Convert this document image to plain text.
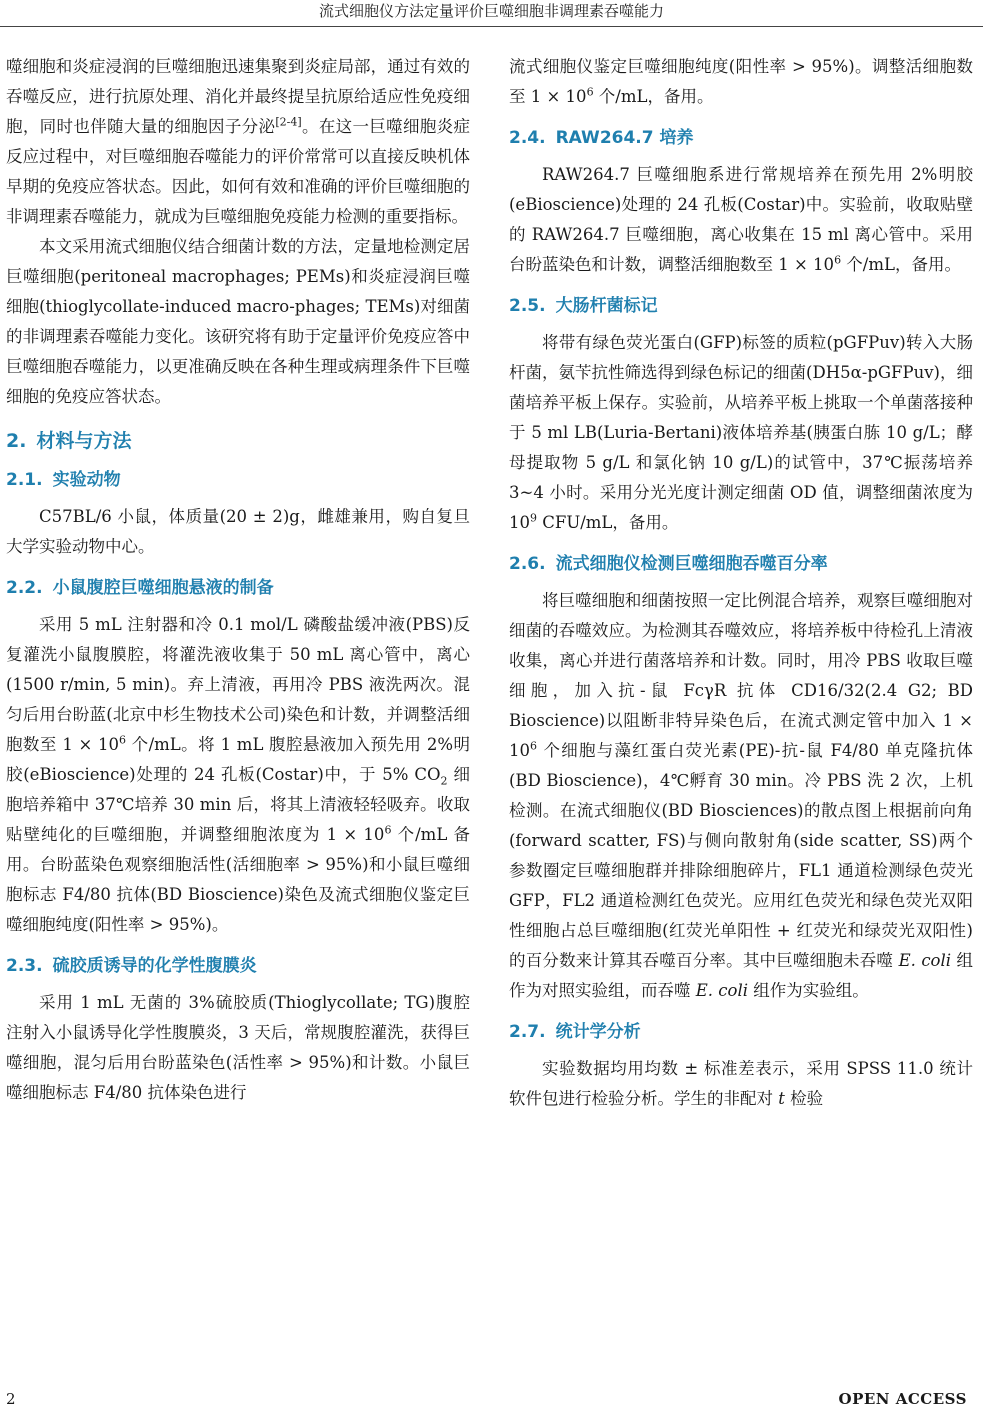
流式细胞仪方法定量评价巨噬细胞非调理素吞噬能力

噬细胞和炎症浸润的巨噬细胞迅速集聚到炎症局部，通过有效的吞噬反应，进行抗原处理、消化并最终提呈抗原给适应性免疫细胞，同时也伴随大量的细胞因子分泌[2-4]。在这一巨噬细胞炎症反应过程中，对巨噬细胞吞噬能力的评价常常可以直接反映机体早期的免疫应答状态。因此，如何有效和准确的评价巨噬细胞的非调理素吞噬能力，就成为巨噬细胞免疫能力检测的重要指标。

本文采用流式细胞仪结合细菌计数的方法，定量地检测定居巨噬细胞(peritoneal macrophages; PEMs)和炎症浸润巨噬细胞(thioglycollate-induced macro-phages; TEMs)对细菌的非调理素吞噬能力变化。该研究将有助于定量评价免疫应答中巨噬细胞吞噬能力，以更准确反映在各种生理或病理条件下巨噬细胞的免疫应答状态。

2. 材料与方法
2.1. 实验动物

C57BL/6 小鼠，体质量(20 ± 2)g，雌雄兼用，购自复旦大学实验动物中心。

2.2. 小鼠腹腔巨噬细胞悬液的制备

采用 5 mL 注射器和冷 0.1 mol/L 磷酸盐缓冲液(PBS)反复灌洗小鼠腹膜腔，将灌洗液收集于 50 mL 离心管中，离心(1500 r/min, 5 min)。弃上清液，再用冷 PBS 液洗两次。混匀后用台盼蓝(北京中杉生物技术公司)染色和计数，并调整活细胞数至 $1 \times 10^6$ 个/mL。将 1 mL 腹腔悬液加入预先用 2%明胶(eBioscience)处理的 24 孔板(Costar)中，于 5% $CO_2$ 细胞培养箱中 37℃培养 30 min 后，将其上清液轻轻吸弃。收取贴壁纯化的巨噬细胞，并调整细胞浓度为 $1 \times 10^6$ 个/mL 备用。台盼蓝染色观察细胞活性(活细胞率 > 95%)和小鼠巨噬细胞标志 F4/80 抗体(BD Bioscience)染色及流式细胞仪鉴定巨噬细胞纯度(阳性率 > 95%)。

2.3. 硫胶质诱导的化学性腹膜炎

采用 1 mL 无菌的 3%硫胶质(Thioglycollate; TG)腹腔注射入小鼠诱导化学性腹膜炎，3 天后，常规腹腔灌洗，获得巨噬细胞，混匀后用台盼蓝染色(活性率 > 95%)和计数。小鼠巨噬细胞标志 F4/80 抗体染色进行

流式细胞仪鉴定巨噬细胞纯度(阳性率 > 95%)。调整活细胞数至 $1 \times 10^6$ 个/mL，备用。

2.4. RAW264.7 培养

RAW264.7 巨噬细胞系进行常规培养在预先用 2%明胶(eBioscience)处理的 24 孔板(Costar)中。实验前，收取贴壁的 RAW264.7 巨噬细胞，离心收集在 15 ml 离心管中。采用台盼蓝染色和计数，调整活细胞数至 $1 \times 10^6$ 个/mL，备用。

2.5. 大肠杆菌标记

将带有绿色荧光蛋白(GFP)标签的质粒(pGFPuv)转入大肠杆菌，氨苄抗性筛选得到绿色标记的细菌(DH5α-pGFPuv)，细菌培养平板上保存。实验前，从培养平板上挑取一个单菌落接种于 5 ml LB(Luria-Bertani)液体培养基(胰蛋白胨 10 g/L；酵母提取物 5 g/L 和氯化钠 10 g/L)的试管中，37℃振荡培养 3~4 小时。采用分光光度计测定细菌 OD 值，调整细菌浓度为 $10^9$ CFU/mL，备用。

2.6. 流式细胞仪检测巨噬细胞吞噬百分率

将巨噬细胞和细菌按照一定比例混合培养，观察巨噬细胞对细菌的吞噬效应。为检测其吞噬效应，将培养板中待检孔上清液收集，离心并进行菌落培养和计数。同时，用冷 PBS 收取巨噬细胞，加入抗-鼠 FcγR 抗体 CD16/32(2.4 G2; BD Bioscience)以阻断非特异染色后，在流式测定管中加入 $1 \times 10^6$ 个细胞与藻红蛋白荧光素(PE)-抗-鼠 F4/80 单克隆抗体(BD Bioscience)，4℃孵育 30 min。冷 PBS 洗 2 次，上机检测。在流式细胞仪(BD Biosciences)的散点图上根据前向角(forward scatter, FS)与侧向散射角(side scatter, SS)两个参数圈定巨噬细胞群并排除细胞碎片，FL1 通道检测绿色荧光 GFP，FL2 通道检测红色荧光。应用红色荧光和绿色荧光双阳性细胞占总巨噬细胞(红荧光单阳性 + 红荧光和绿荧光双阳性)的百分数来计算其吞噬百分率。其中巨噬细胞未吞噬 E. coli 组作为对照实验组，而吞噬 E. coli 组作为实验组。

2.7. 统计学分析

实验数据均用均数 ± 标准差表示，采用 SPSS 11.0 统计软件包进行检验分析。学生的非配对 t 检验

2	OPEN ACCESS
